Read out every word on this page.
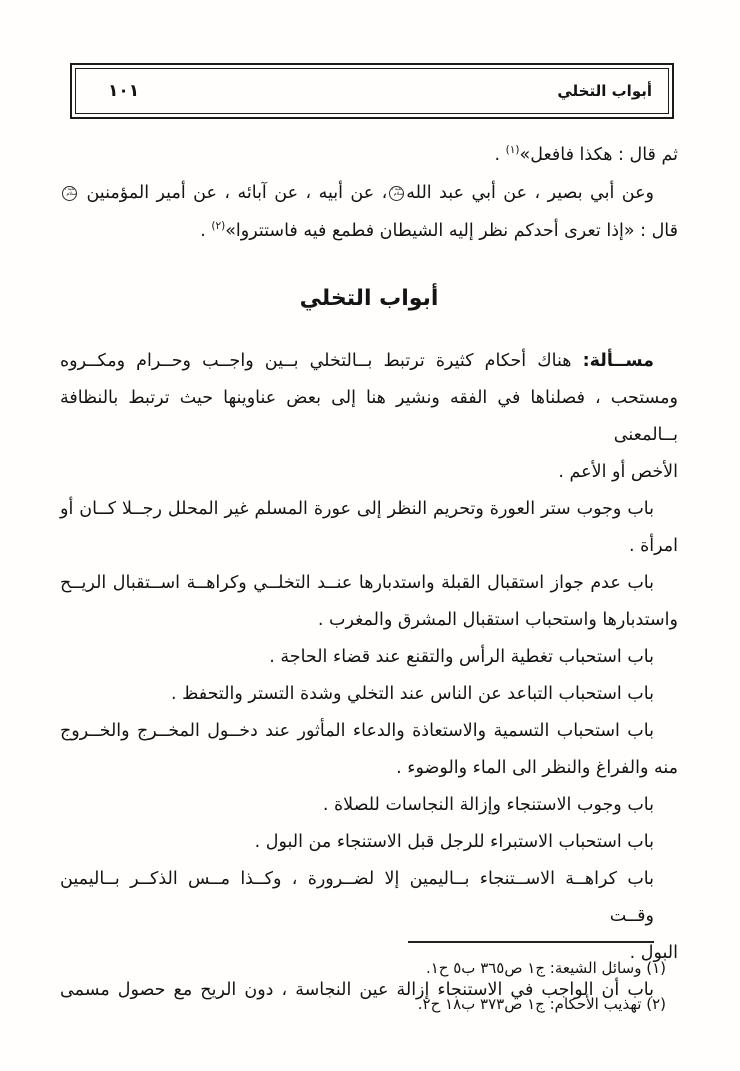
أبواب التخلي
١٠١
ثم قال : هكذا فافعل»$^{(١)}$ .
وعن أبي بصير ، عن أبي عبد الله
عليه السلام
، عن أبيه ، عن آبائه ، عن أمير المؤمنين
عليه السلام
قال : «إذا تعرى أحدكم نظر إليه الشيطان فطمع فيه فاستتروا»$^{(٢)}$ .
أبواب التخلي
مســألة: هناك أحكام كثيرة ترتبط بــالتخلي بــين واجــب وحــرام ومكــروه
ومستحب ، فصلناها في الفقه ونشير هنا إلى بعض عناوينها حيث ترتبط بالنظافة بــالمعنى
الأخص أو الأعم .
باب وجوب ستر العورة وتحريم النظر إلى عورة المسلم غير المحلل رجــلا كــان أو
امرأة .
باب عدم جواز استقبال القبلة واستدبارها عنــد التخلــي وكراهــة اســتقبال الريــح
واستدبارها واستحباب استقبال المشرق والمغرب .
باب استحباب تغطية الرأس والتقنع عند قضاء الحاجة .
باب استحباب التباعد عن الناس عند التخلي وشدة التستر والتحفظ .
باب استحباب التسمية والاستعاذة والدعاء المأثور عند دخــول المخــرج والخــروج
منه والفراغ والنظر الى الماء والوضوء .
باب وجوب الاستنجاء وإزالة النجاسات للصلاة .
باب استحباب الاستبراء للرجل قبل الاستنجاء من البول .
باب كراهــة الاســتنجاء بــاليمين إلا لضــرورة ، وكــذا مــس الذكــر بــاليمين وقــت
البول .
باب أن الواجب في الاستنجاء إزالة عين النجاسة ، دون الريح مع حصول مسمى
(١) وسائل الشيعة: ج١ ص٣٦٥ ب٥ ح١.
(٢) تهذيب الأحكام: ج١ ص٣٧٣ ب١٨ ح٢.
